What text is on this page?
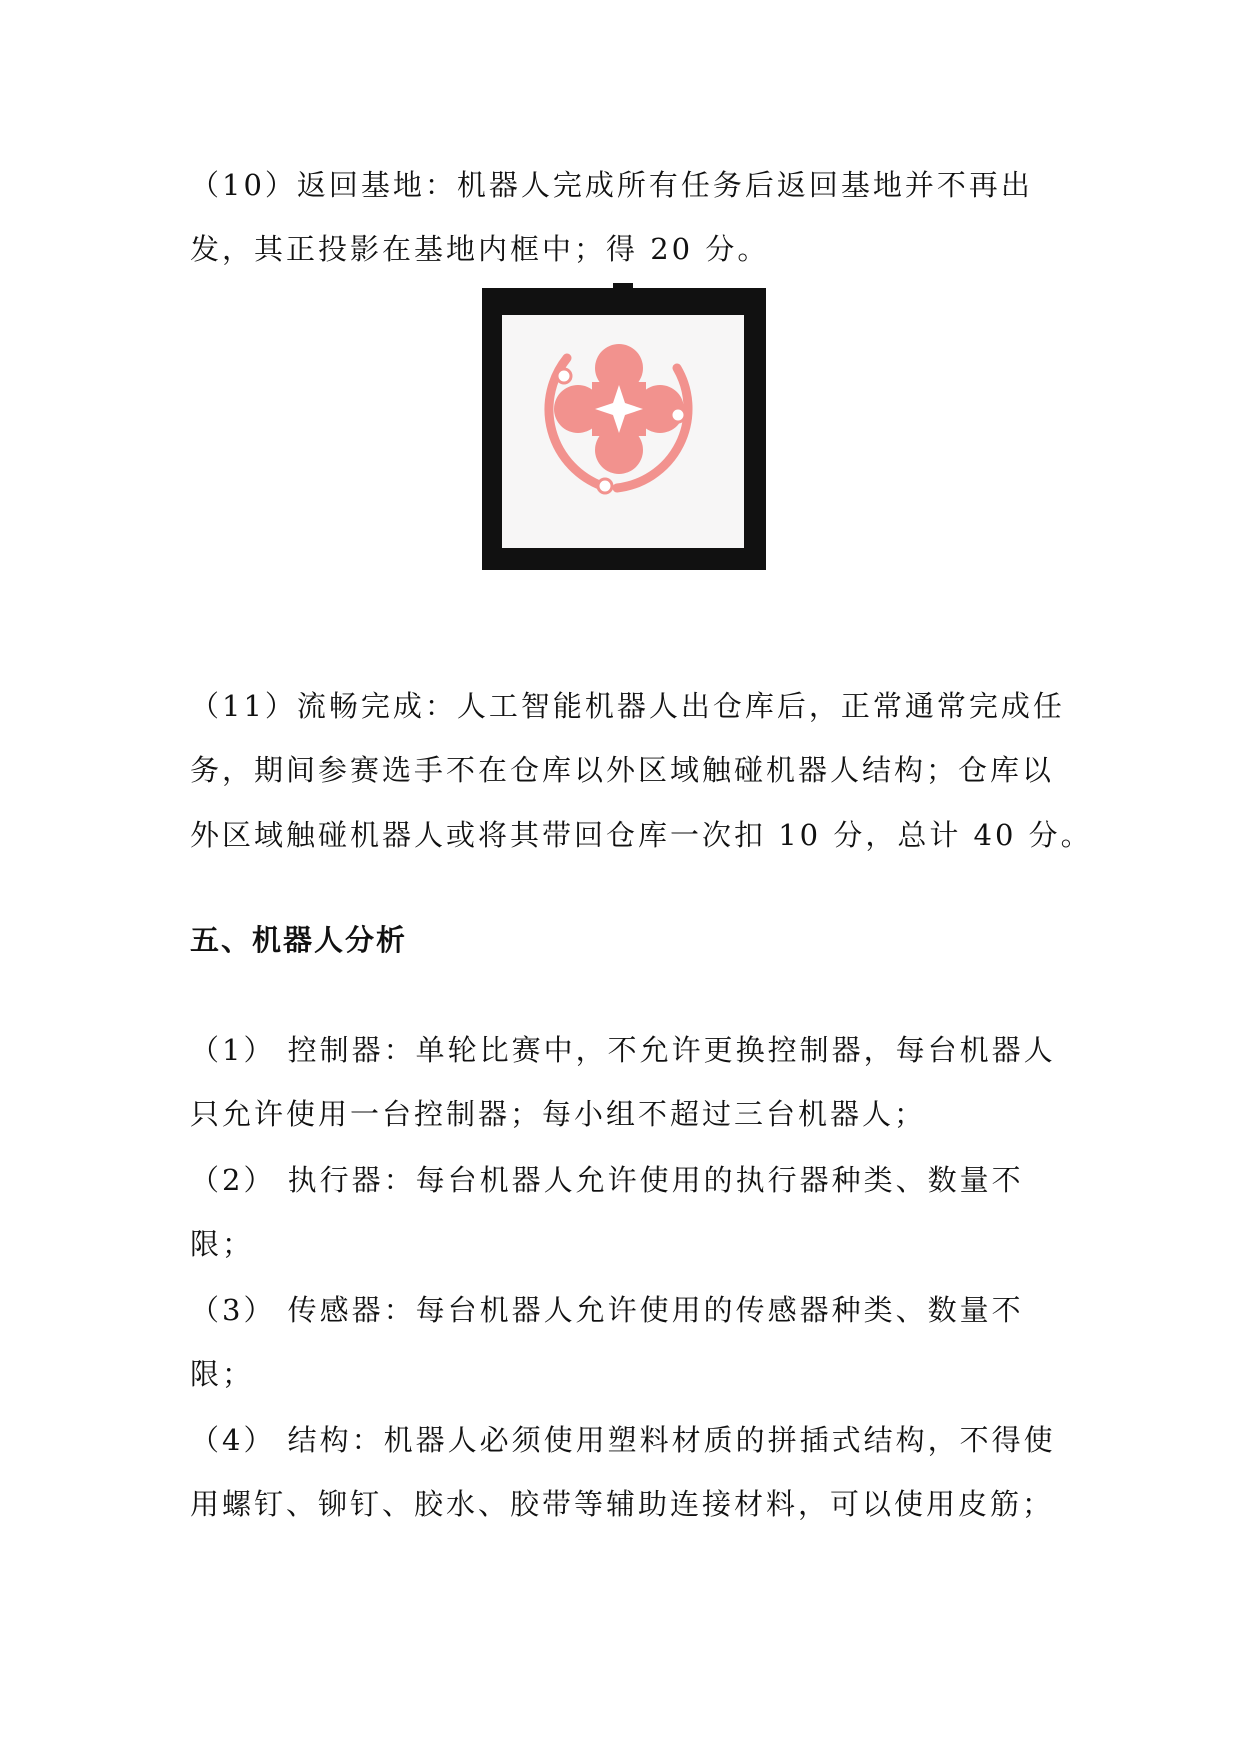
（10）返回基地：机器人完成所有任务后返回基地并不再出
发，其正投影在基地内框中；得 20 分。
（11）流畅完成：人工智能机器人出仓库后，正常通常完成任
务，期间参赛选手不在仓库以外区域触碰机器人结构；仓库以
外区域触碰机器人或将其带回仓库一次扣 10 分，总计 40 分。
五、机器人分析
（1） 控制器：单轮比赛中，不允许更换控制器，每台机器人
只允许使用一台控制器；每小组不超过三台机器人；
（2） 执行器：每台机器人允许使用的执行器种类、数量不
限；
（3） 传感器：每台机器人允许使用的传感器种类、数量不
限；
（4） 结构：机器人必须使用塑料材质的拼插式结构，不得使
用螺钉、铆钉、胶水、胶带等辅助连接材料，可以使用皮筋；
